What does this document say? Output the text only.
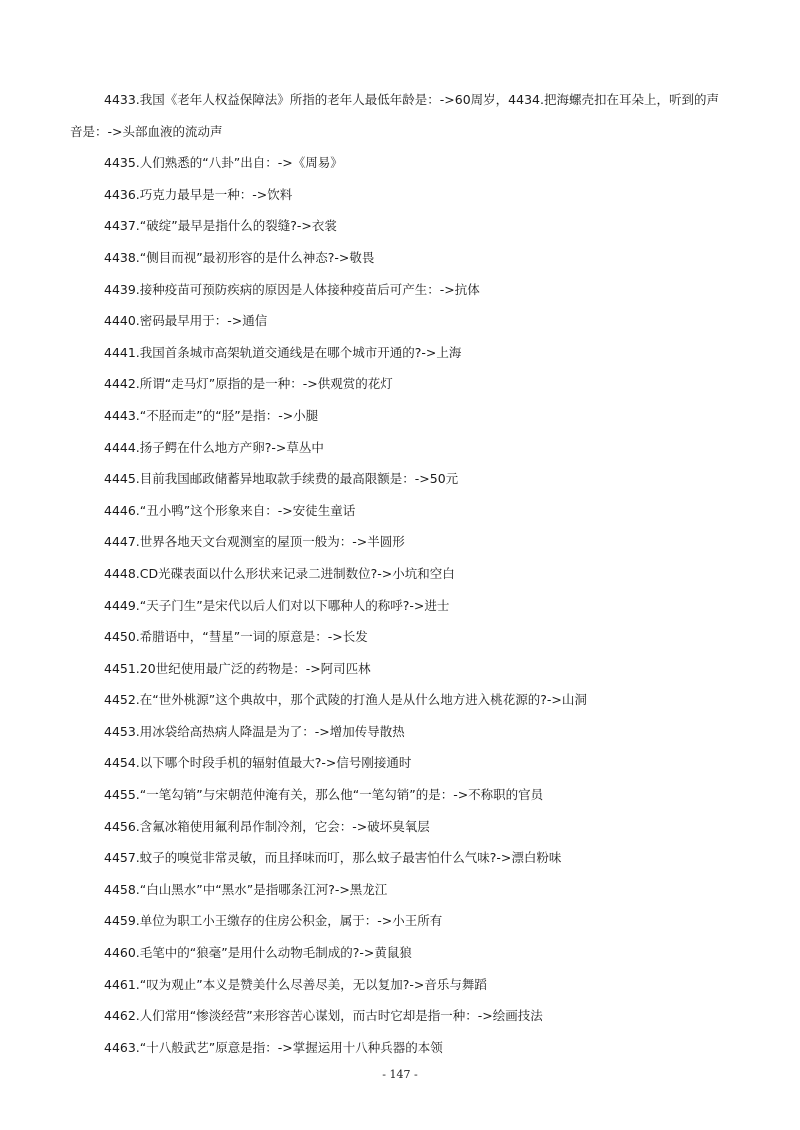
4433.我国《老年人权益保障法》所指的老年人最低年龄是：->60周岁，4434.把海螺壳扣在耳朵上，听到的声音是：->头部血液的流动声

4435.人们熟悉的“八卦”出自：->《周易》

4436.巧克力最早是一种：->饮料

4437.“破绽”最早是指什么的裂缝?->衣裳

4438.“侧目而视”最初形容的是什么神态?->敬畏

4439.接种疫苗可预防疾病的原因是人体接种疫苗后可产生：->抗体

4440.密码最早用于：->通信

4441.我国首条城市高架轨道交通线是在哪个城市开通的?->上海

4442.所谓“走马灯”原指的是一种：->供观赏的花灯

4443.“不胫而走”的“胫”是指：->小腿

4444.扬子鳄在什么地方产卵?->草丛中

4445.目前我国邮政储蓄异地取款手续费的最高限额是：->50元

4446.“丑小鸭”这个形象来自：->安徒生童话

4447.世界各地天文台观测室的屋顶一般为：->半圆形

4448.CD光碟表面以什么形状来记录二进制数位?->小坑和空白

4449.“天子门生”是宋代以后人们对以下哪种人的称呼?->进士

4450.希腊语中，“彗星”一词的原意是：->长发

4451.20世纪使用最广泛的药物是：->阿司匹林

4452.在“世外桃源”这个典故中，那个武陵的打渔人是从什么地方进入桃花源的?->山洞

4453.用冰袋给高热病人降温是为了：->增加传导散热

4454.以下哪个时段手机的辐射值最大?->信号刚接通时

4455.“一笔勾销”与宋朝范仲淹有关，那么他“一笔勾销”的是：->不称职的官员

4456.含氟冰箱使用氟利昂作制冷剂，它会：->破坏臭氧层

4457.蚊子的嗅觉非常灵敏，而且择味而叮，那么蚊子最害怕什么气味?->漂白粉味

4458.“白山黑水”中“黑水”是指哪条江河?->黑龙江

4459.单位为职工小王缴存的住房公积金，属于：->小王所有

4460.毛笔中的“狼毫”是用什么动物毛制成的?->黄鼠狼

4461.“叹为观止”本义是赞美什么尽善尽美，无以复加?->音乐与舞蹈

4462.人们常用“惨淡经营”来形容苦心谋划，而古时它却是指一种：->绘画技法

4463.“十八般武艺”原意是指：->掌握运用十八种兵器的本领

- 147 -
